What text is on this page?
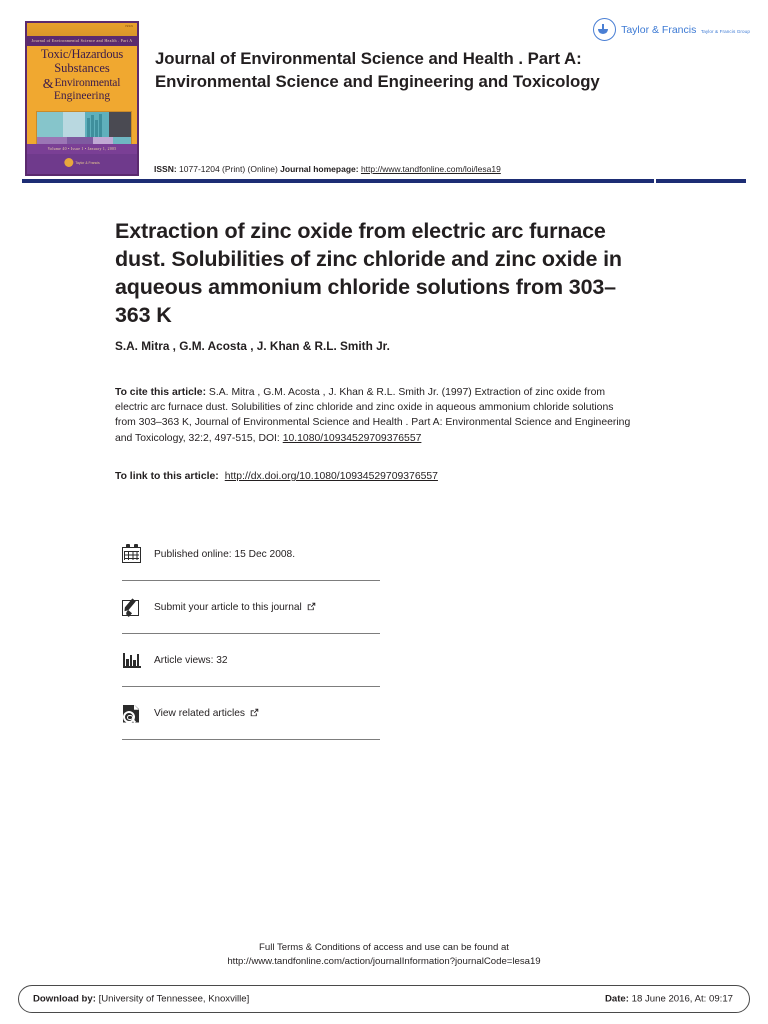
ISSN
Journal of Environmental Science and Health . Part A
Toxic/Hazardous
Substances
&Environmental
Engineering
Volume 40 • Issue 1 • January 1, 2005
Taylor & Francis
Journal of Environmental Science and Health . Part A: Environmental Science and Engineering and Toxicology
ISSN: 1077-1204 (Print) (Online) Journal homepage: http://www.tandfonline.com/loi/lesa19
Taylor & Francis Taylor & Francis Group
Extraction of zinc oxide from electric arc furnace dust. Solubilities of zinc chloride and zinc oxide in aqueous ammonium chloride solutions from 303–363 K
S.A. Mitra , G.M. Acosta , J. Khan & R.L. Smith Jr.
To cite this article: S.A. Mitra , G.M. Acosta , J. Khan & R.L. Smith Jr. (1997) Extraction of zinc oxide from electric arc furnace dust. Solubilities of zinc chloride and zinc oxide in aqueous ammonium chloride solutions from 303–363 K, Journal of Environmental Science and Health . Part A: Environmental Science and Engineering and Toxicology, 32:2, 497-515, DOI: 10.1080/10934529709376557
To link to this article: http://dx.doi.org/10.1080/10934529709376557
Published online: 15 Dec 2008.
Submit your article to this journal
Article views: 32
View related articles
Full Terms & Conditions of access and use can be found at
http://www.tandfonline.com/action/journalInformation?journalCode=lesa19
Download by: [University of Tennessee, Knoxville]	Date: 18 June 2016, At: 09:17
